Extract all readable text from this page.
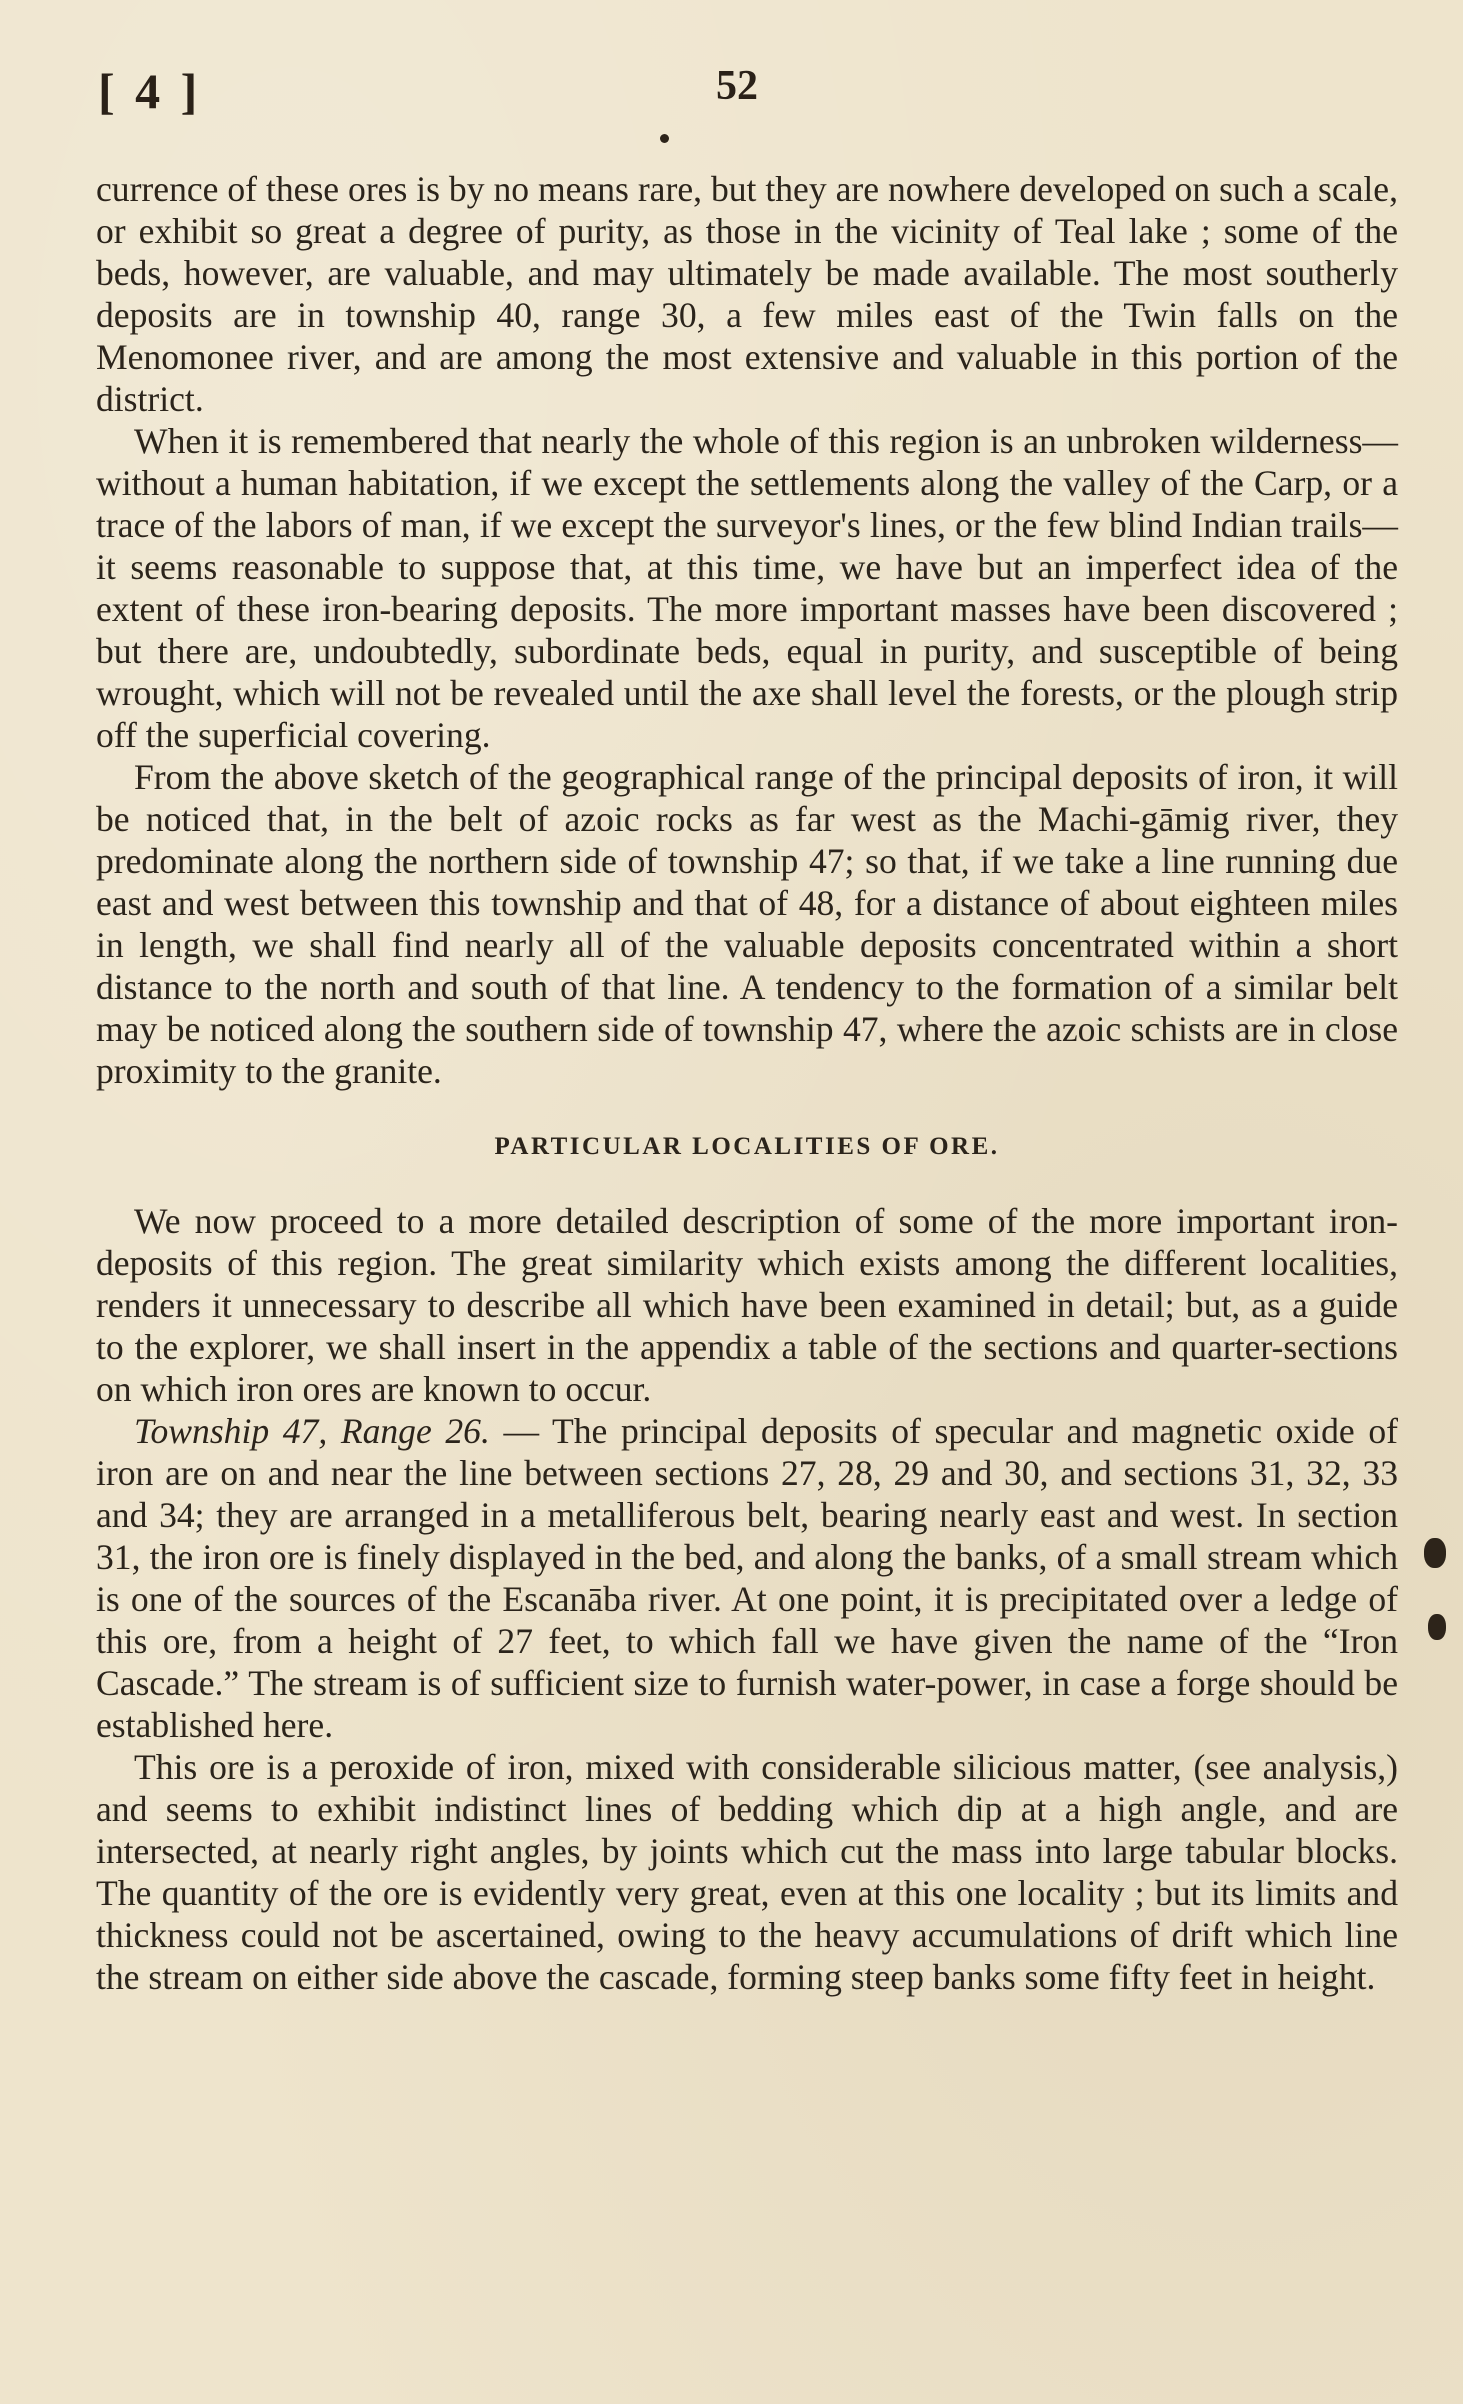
[ 4 ]	52

currence of these ores is by no means rare, but they are nowhere developed on such a scale, or exhibit so great a degree of purity, as those in the vicinity of Teal lake ; some of the beds, however, are valuable, and may ultimately be made available. The most southerly deposits are in township 40, range 30, a few miles east of the Twin falls on the Menomonee river, and are among the most extensive and valuable in this portion of the district.

When it is remembered that nearly the whole of this region is an unbroken wilderness—without a human habitation, if we except the settlements along the valley of the Carp, or a trace of the labors of man, if we except the surveyor's lines, or the few blind Indian trails—it seems reasonable to suppose that, at this time, we have but an imperfect idea of the extent of these iron-bearing deposits. The more important masses have been discovered ; but there are, undoubtedly, subordinate beds, equal in purity, and susceptible of being wrought, which will not be revealed until the axe shall level the forests, or the plough strip off the superficial covering.

From the above sketch of the geographical range of the principal deposits of iron, it will be noticed that, in the belt of azoic rocks as far west as the Machi-gāmig river, they predominate along the northern side of township 47; so that, if we take a line running due east and west between this township and that of 48, for a distance of about eighteen miles in length, we shall find nearly all of the valuable deposits concentrated within a short distance to the north and south of that line. A tendency to the formation of a similar belt may be noticed along the southern side of township 47, where the azoic schists are in close proximity to the granite.

PARTICULAR LOCALITIES OF ORE.

We now proceed to a more detailed description of some of the more important iron-deposits of this region. The great similarity which exists among the different localities, renders it unnecessary to describe all which have been examined in detail; but, as a guide to the explorer, we shall insert in the appendix a table of the sections and quarter-sections on which iron ores are known to occur.

Township 47, Range 26. — The principal deposits of specular and magnetic oxide of iron are on and near the line between sections 27, 28, 29 and 30, and sections 31, 32, 33 and 34; they are arranged in a metalliferous belt, bearing nearly east and west. In section 31, the iron ore is finely displayed in the bed, and along the banks, of a small stream which is one of the sources of the Escanāba river. At one point, it is precipitated over a ledge of this ore, from a height of 27 feet, to which fall we have given the name of the “Iron Cascade.” The stream is of sufficient size to furnish water-power, in case a forge should be established here.

This ore is a peroxide of iron, mixed with considerable silicious matter, (see analysis,) and seems to exhibit indistinct lines of bedding which dip at a high angle, and are intersected, at nearly right angles, by joints which cut the mass into large tabular blocks. The quantity of the ore is evidently very great, even at this one locality ; but its limits and thickness could not be ascertained, owing to the heavy accumulations of drift which line the stream on either side above the cascade, forming steep banks some fifty feet in height.
